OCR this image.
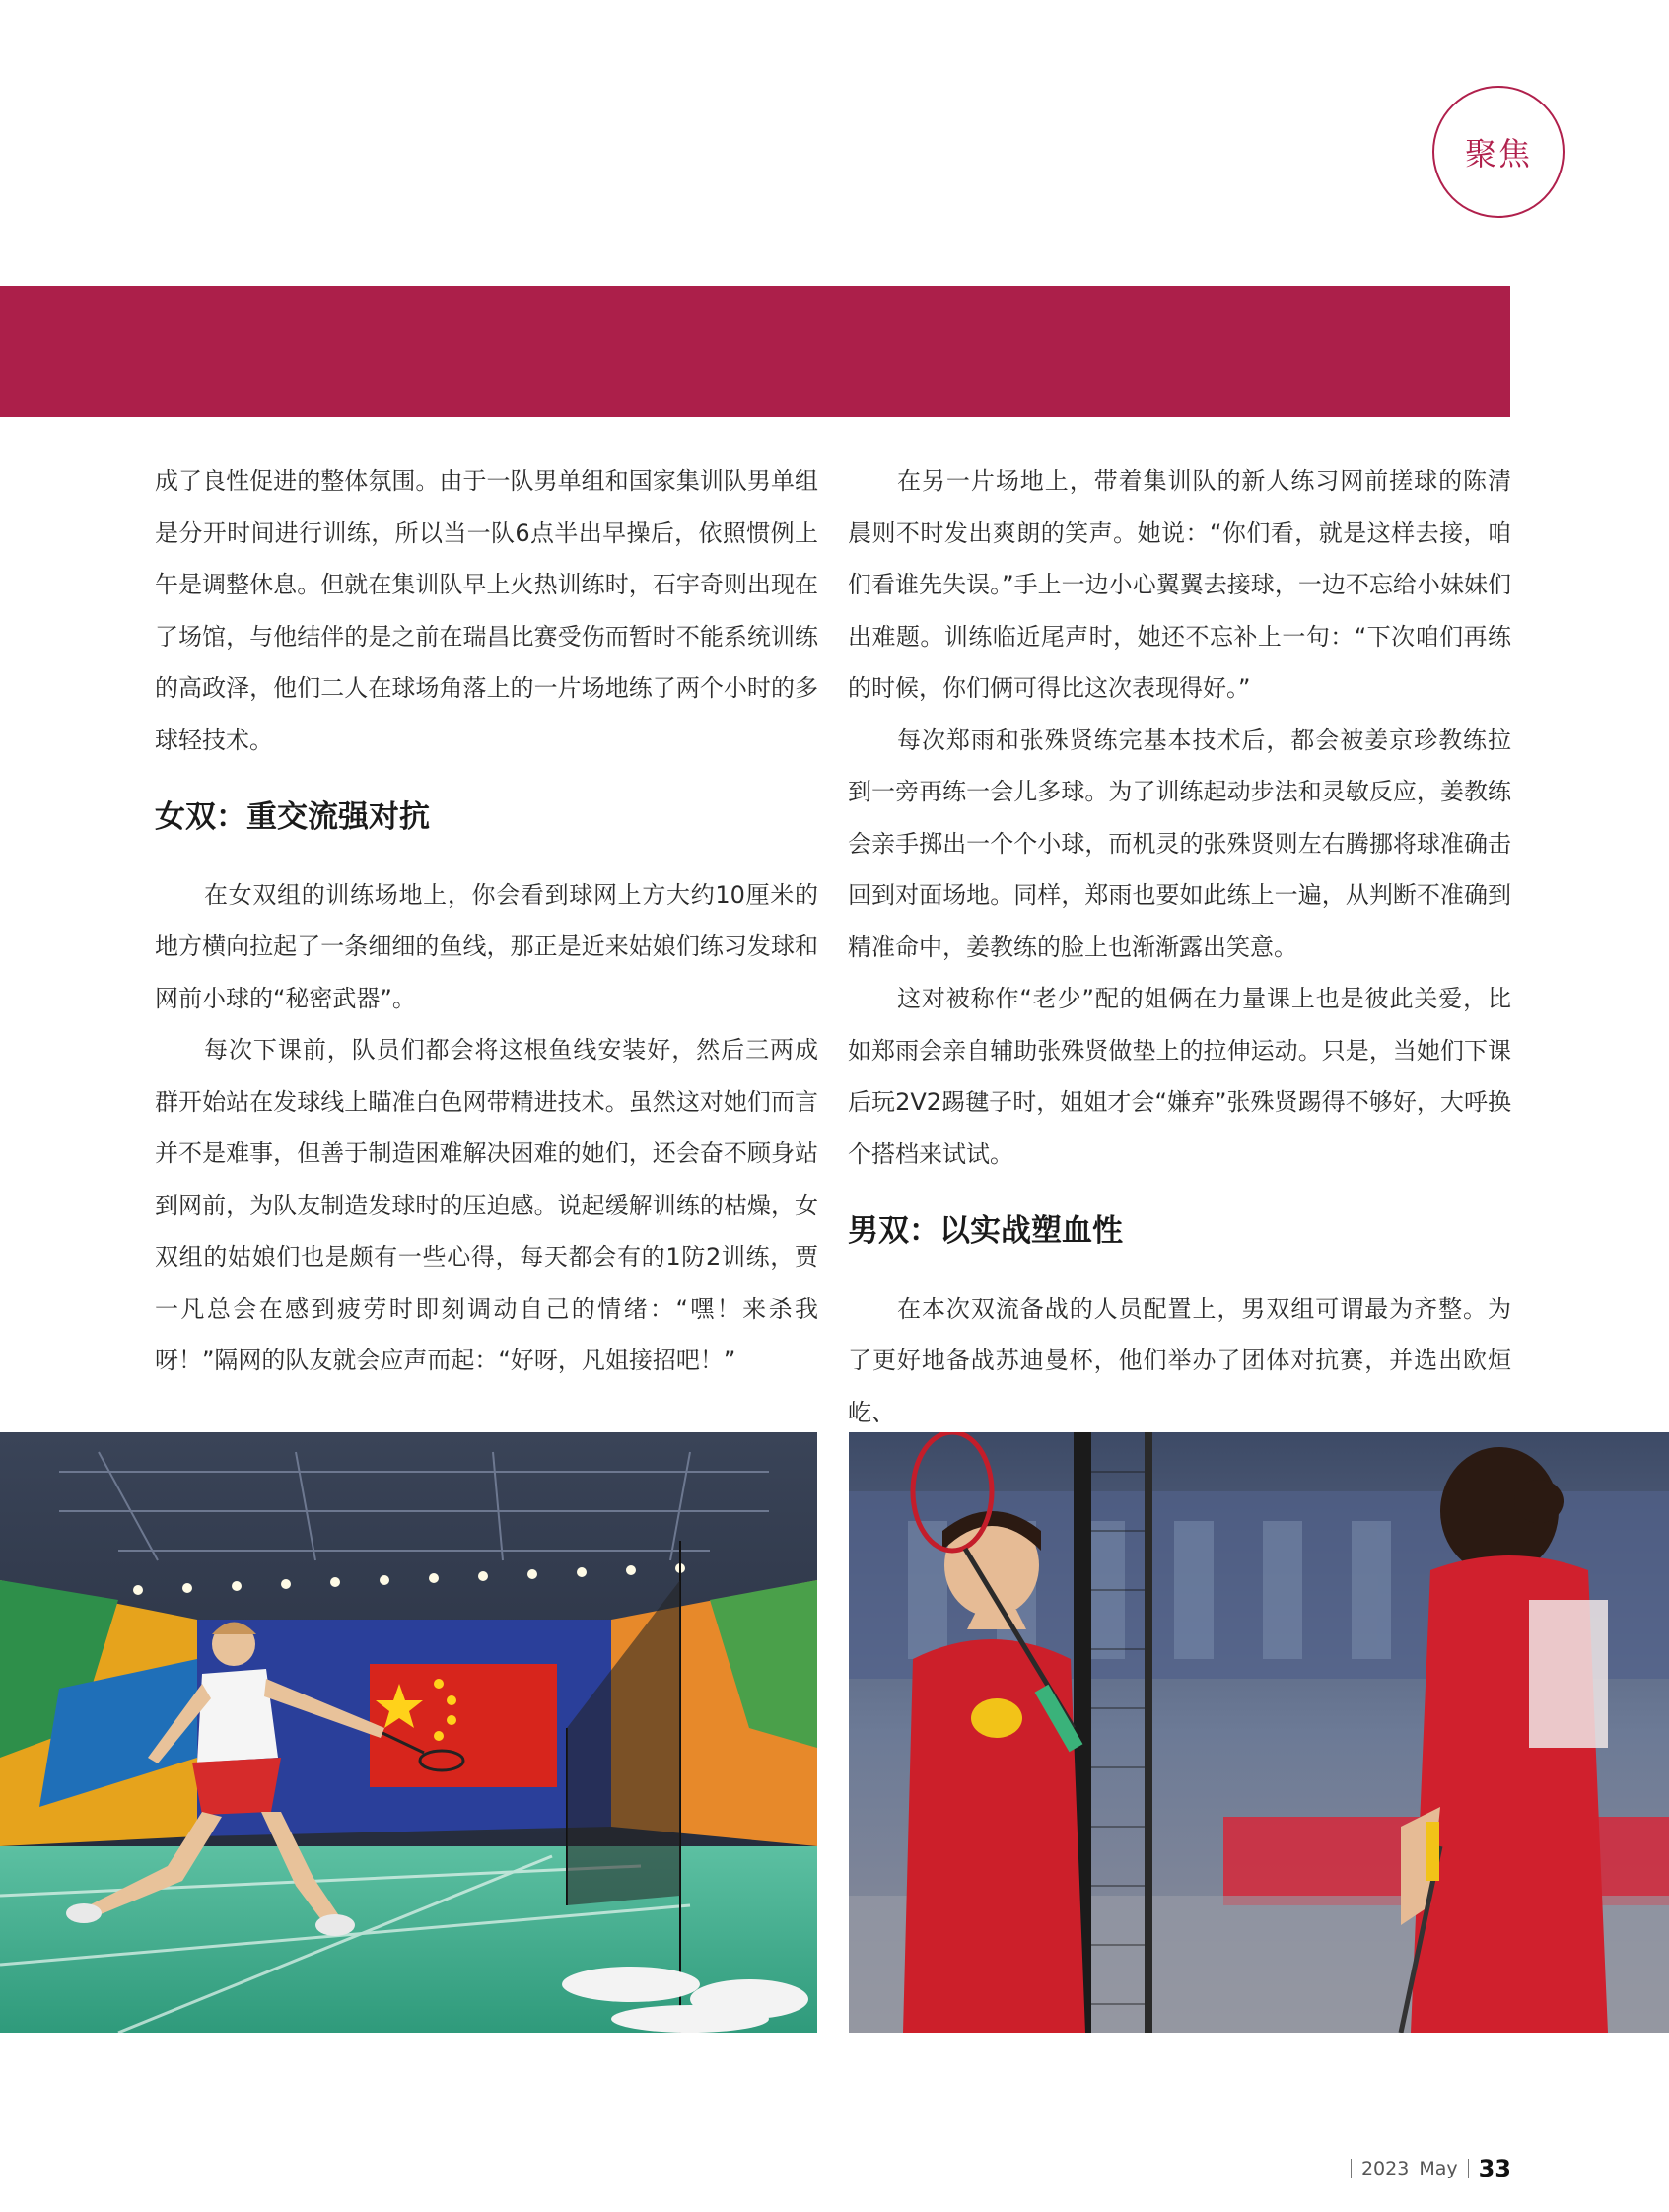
聚焦

成了良性促进的整体氛围。由于一队男单组和国家集训队男单组是分开时间进行训练，所以当一队6点半出早操后，依照惯例上午是调整休息。但就在集训队早上火热训练时，石宇奇则出现在了场馆，与他结伴的是之前在瑞昌比赛受伤而暂时不能系统训练的高政泽，他们二人在球场角落上的一片场地练了两个小时的多球轻技术。

女双：重交流强对抗

在女双组的训练场地上，你会看到球网上方大约10厘米的地方横向拉起了一条细细的鱼线，那正是近来姑娘们练习发球和网前小球的“秘密武器”。

每次下课前，队员们都会将这根鱼线安装好，然后三两成群开始站在发球线上瞄准白色网带精进技术。虽然这对她们而言并不是难事，但善于制造困难解决困难的她们，还会奋不顾身站到网前，为队友制造发球时的压迫感。说起缓解训练的枯燥，女双组的姑娘们也是颇有一些心得，每天都会有的1防2训练，贾一凡总会在感到疲劳时即刻调动自己的情绪：“嘿！来杀我呀！”隔网的队友就会应声而起：“好呀，凡姐接招吧！”

在另一片场地上，带着集训队的新人练习网前搓球的陈清晨则不时发出爽朗的笑声。她说：“你们看，就是这样去接，咱们看谁先失误。”手上一边小心翼翼去接球，一边不忘给小妹妹们出难题。训练临近尾声时，她还不忘补上一句：“下次咱们再练的时候，你们俩可得比这次表现得好。”

每次郑雨和张殊贤练完基本技术后，都会被姜京珍教练拉到一旁再练一会儿多球。为了训练起动步法和灵敏反应，姜教练会亲手掷出一个个小球，而机灵的张殊贤则左右腾挪将球准确击回到对面场地。同样，郑雨也要如此练上一遍，从判断不准确到精准命中，姜教练的脸上也渐渐露出笑意。

这对被称作“老少”配的姐俩在力量课上也是彼此关爱，比如郑雨会亲自辅助张殊贤做垫上的拉伸运动。只是，当她们下课后玩2V2踢毽子时，姐姐才会“嫌弃”张殊贤踢得不够好，大呼换个搭档来试试。

男双：以实战塑血性

在本次双流备战的人员配置上，男双组可谓最为齐整。为了更好地备战苏迪曼杯，他们举办了团体对抗赛，并选出欧烜屹、

2023 May 33
